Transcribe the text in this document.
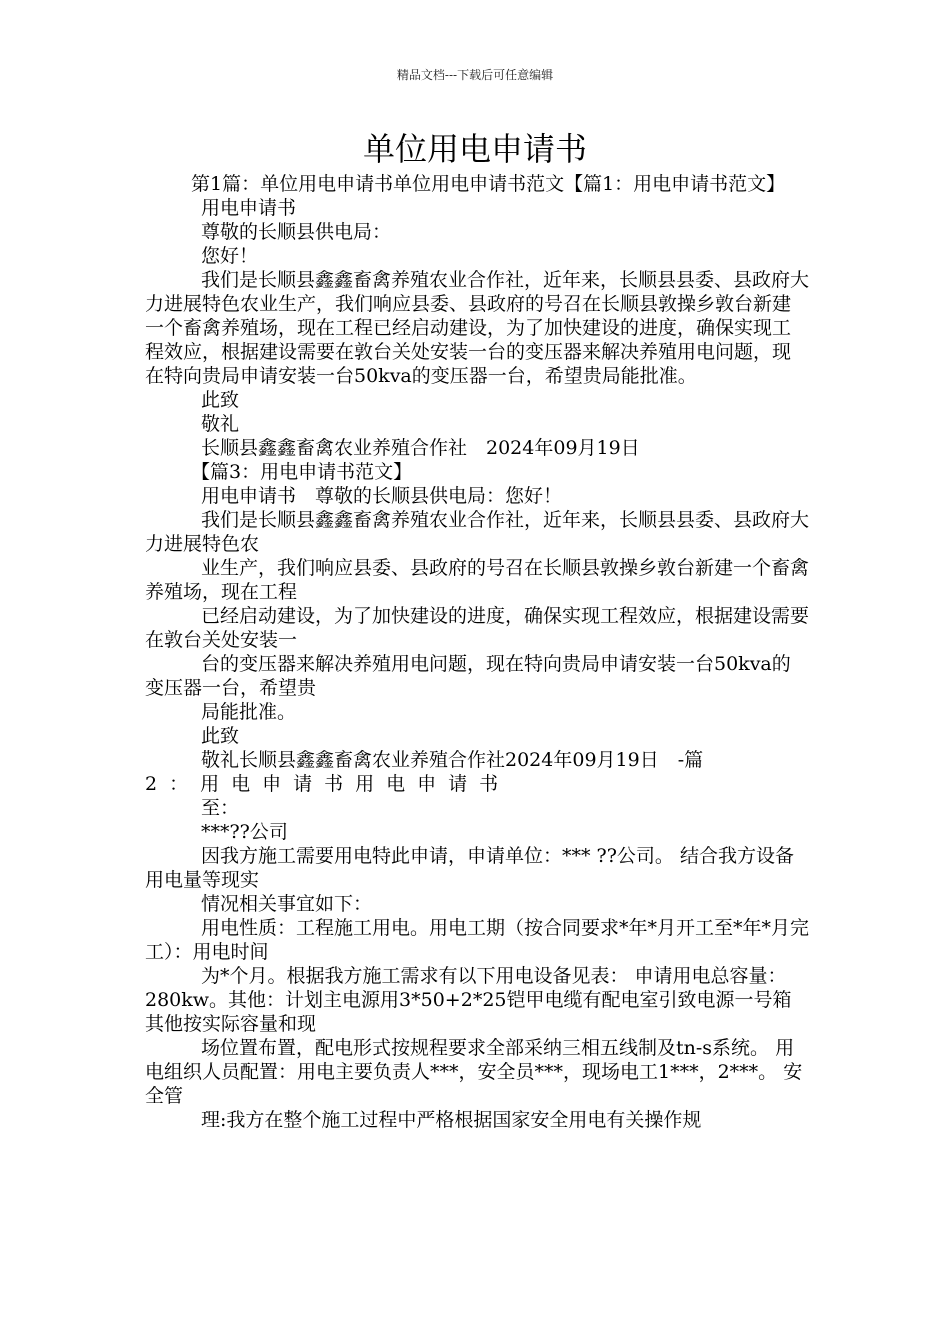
精品文档---下载后可任意编辑
单位用电申请书

第1篇：单位用电申请书单位用电申请书范文【篇1：用电申请书范文】

用电申请书

尊敬的长顺县供电局：

您好！

我们是长顺县鑫鑫畜禽养殖农业合作社，近年来，长顺县县委、县政府大力进展特色农业生产，我们响应县委、县政府的号召在长顺县敦操乡敦台新建一个畜禽养殖场，现在工程已经启动建设，为了加快建设的进度，确保实现工程效应，根据建设需要在敦台关处安装一台的变压器来解决养殖用电问题，现在特向贵局申请安装一台50kva的变压器一台，希望贵局能批准。

此致

敬礼

长顺县鑫鑫畜禽农业养殖合作社　2024年09月19日

【篇3：用电申请书范文】

用电申请书　尊敬的长顺县供电局：您好！

我们是长顺县鑫鑫畜禽养殖农业合作社，近年来，长顺县县委、县政府大力进展特色农

业生产，我们响应县委、县政府的号召在长顺县敦操乡敦台新建一个畜禽养殖场，现在工程

已经启动建设，为了加快建设的进度，确保实现工程效应，根据建设需要在敦台关处安装一

台的变压器来解决养殖用电问题，现在特向贵局申请安装一台50kva的变压器一台，希望贵

局能批准。

此致

敬礼长顺县鑫鑫畜禽农业养殖合作社2024年09月19日　-篇

2：用电申请书用电申请书

至：

***??公司

因我方施工需要用电特此申请，申请单位：*** ??公司。 结合我方设备用电量等现实

情况相关事宜如下：

用电性质：工程施工用电。用电工期（按合同要求*年*月开工至*年*月完工）：用电时间

为*个月。根据我方施工需求有以下用电设备见表： 申请用电总容量：280kw。其他：计划主电源用3*50+2*25铠甲电缆有配电室引致电源一号箱其他按实际容量和现

场位置布置，配电形式按规程要求全部采纳三相五线制及tn-s系统。 用电组织人员配置：用电主要负责人***，安全员***，现场电工1***，2***。 安全管

理:我方在整个施工过程中严格根据国家安全用电有关操作规
